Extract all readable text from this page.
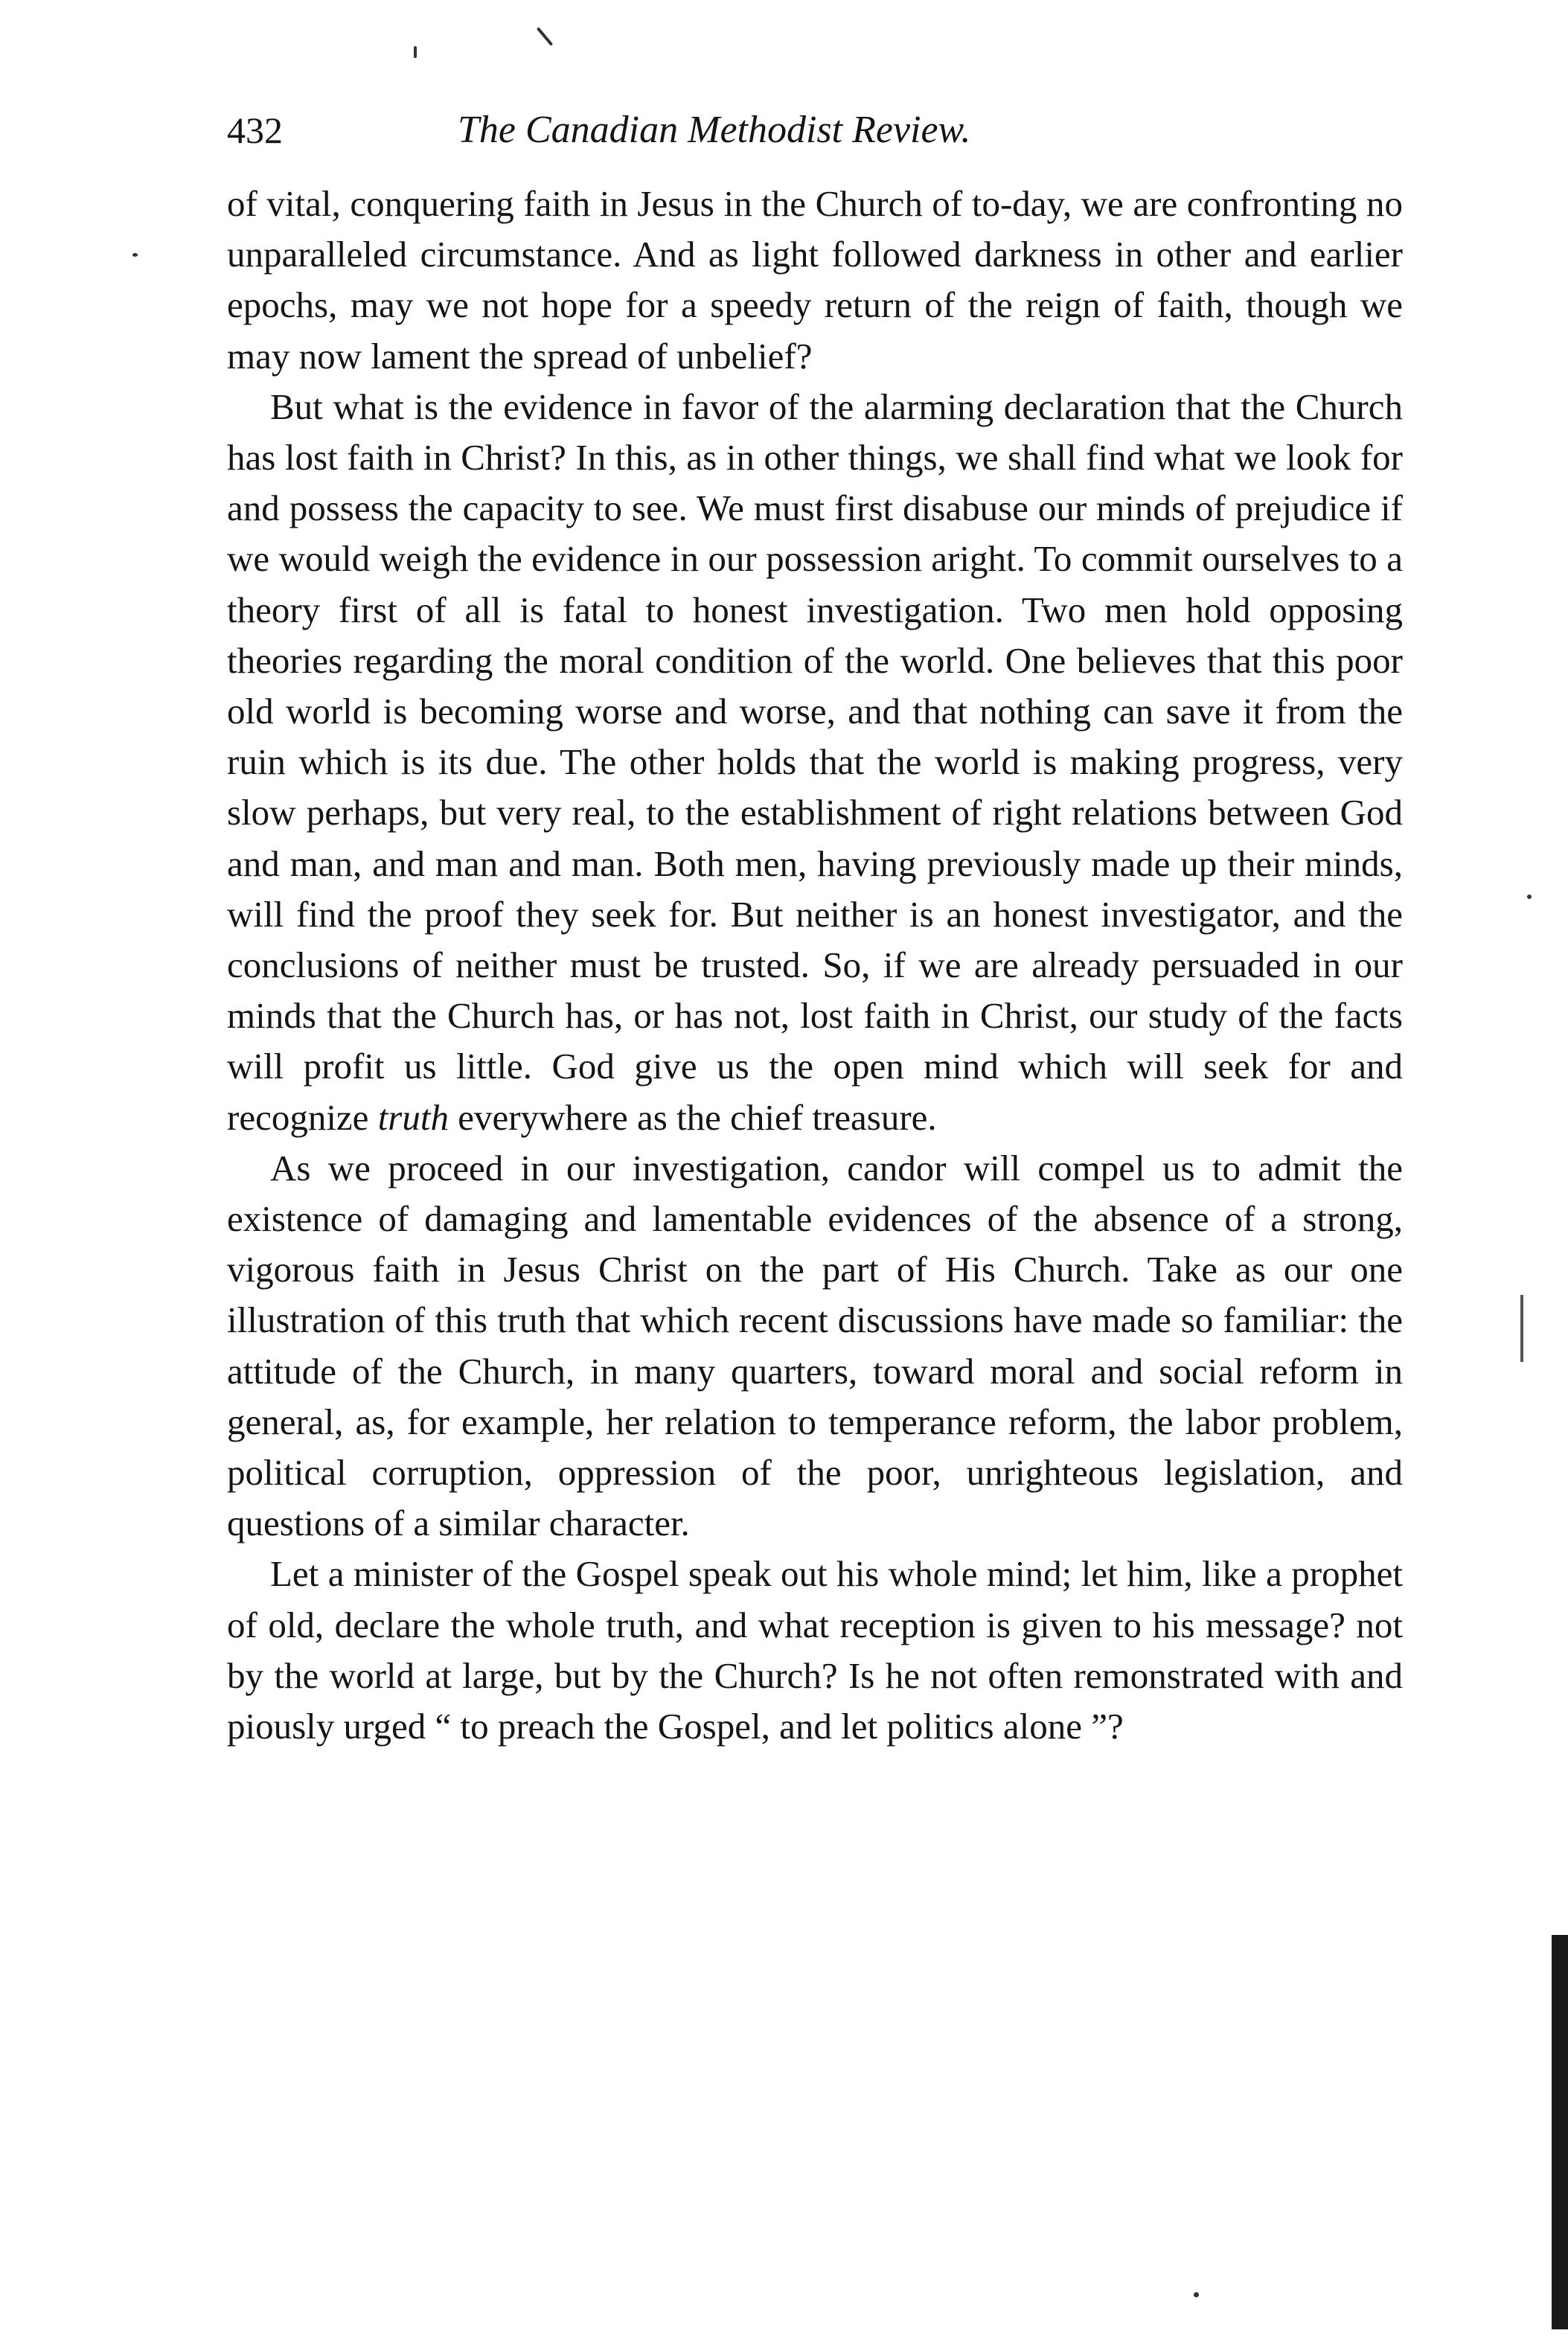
432	The Canadian Methodist Review.

of vital, conquering faith in Jesus in the Church of to-day, we are confronting no unparalleled circumstance. And as light followed darkness in other and earlier epochs, may we not hope for a speedy return of the reign of faith, though we may now lament the spread of unbelief?

But what is the evidence in favor of the alarming declaration that the Church has lost faith in Christ? In this, as in other things, we shall find what we look for and possess the capacity to see. We must first disabuse our minds of prejudice if we would weigh the evidence in our possession aright. To commit ourselves to a theory first of all is fatal to honest investigation. Two men hold opposing theories regarding the moral condition of the world. One believes that this poor old world is becoming worse and worse, and that nothing can save it from the ruin which is its due. The other holds that the world is making progress, very slow perhaps, but very real, to the establishment of right relations between God and man, and man and man. Both men, having previously made up their minds, will find the proof they seek for. But neither is an honest investigator, and the conclusions of neither must be trusted. So, if we are already persuaded in our minds that the Church has, or has not, lost faith in Christ, our study of the facts will profit us little. God give us the open mind which will seek for and recognize truth everywhere as the chief treasure.

As we proceed in our investigation, candor will compel us to admit the existence of damaging and lamentable evidences of the absence of a strong, vigorous faith in Jesus Christ on the part of His Church. Take as our one illustration of this truth that which recent discussions have made so familiar: the attitude of the Church, in many quarters, toward moral and social reform in general, as, for example, her relation to temperance reform, the labor problem, political corruption, oppression of the poor, unrighteous legislation, and questions of a similar character.

Let a minister of the Gospel speak out his whole mind; let him, like a prophet of old, declare the whole truth, and what reception is given to his message? not by the world at large, but by the Church? Is he not often remonstrated with and piously urged “ to preach the Gospel, and let politics alone ”?
